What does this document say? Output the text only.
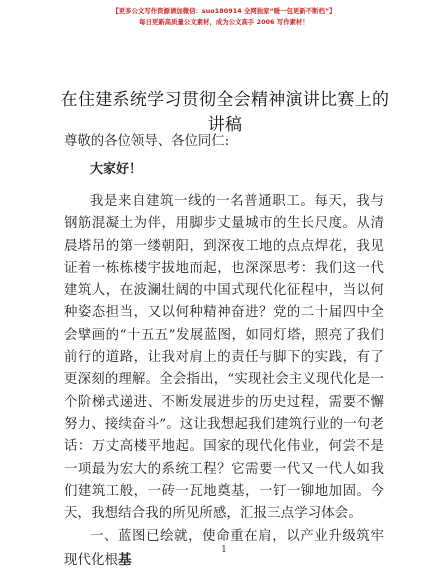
【更多公文写作资源请加微信：suo180914 全网独家“暖一包更新不断档”】
每日更新高质量公文素材，成为公文高手 2006 写作素材！
在住建系统学习贯彻全会精神演讲比赛上的讲稿

尊敬的各位领导、各位同仁:

大家好！

我是来自建筑一线的一名普通职工。每天，我与钢筋混凝土为伴，用脚步丈量城市的生长尺度。从清晨塔吊的第一缕朝阳，到深夜工地的点点焊花，我见证着一栋栋楼宇拔地而起，也深深思考：我们这一代建筑人，在波澜壮阔的中国式现代化征程中，当以何种姿态担当，又以何种精神奋进？党的二十届四中全会擘画的“十五五”发展蓝图，如同灯塔，照亮了我们前行的道路，让我对肩上的责任与脚下的实践，有了更深刻的理解。全会指出，“实现社会主义现代化是一个阶梯式递进、不断发展进步的历史过程，需要不懈努力、接续奋斗”。这让我想起我们建筑行业的一句老话：万丈高楼平地起。国家的现代化伟业，何尝不是一项最为宏大的系统工程？它需要一代又一代人如我们建筑工般，一砖一瓦地奠基，一钉一铆地加固。今天，我想结合我的所见所感，汇报三点学习体会。

一、蓝图已绘就，使命重在肩，以产业升级筑牢现代化根基

1
